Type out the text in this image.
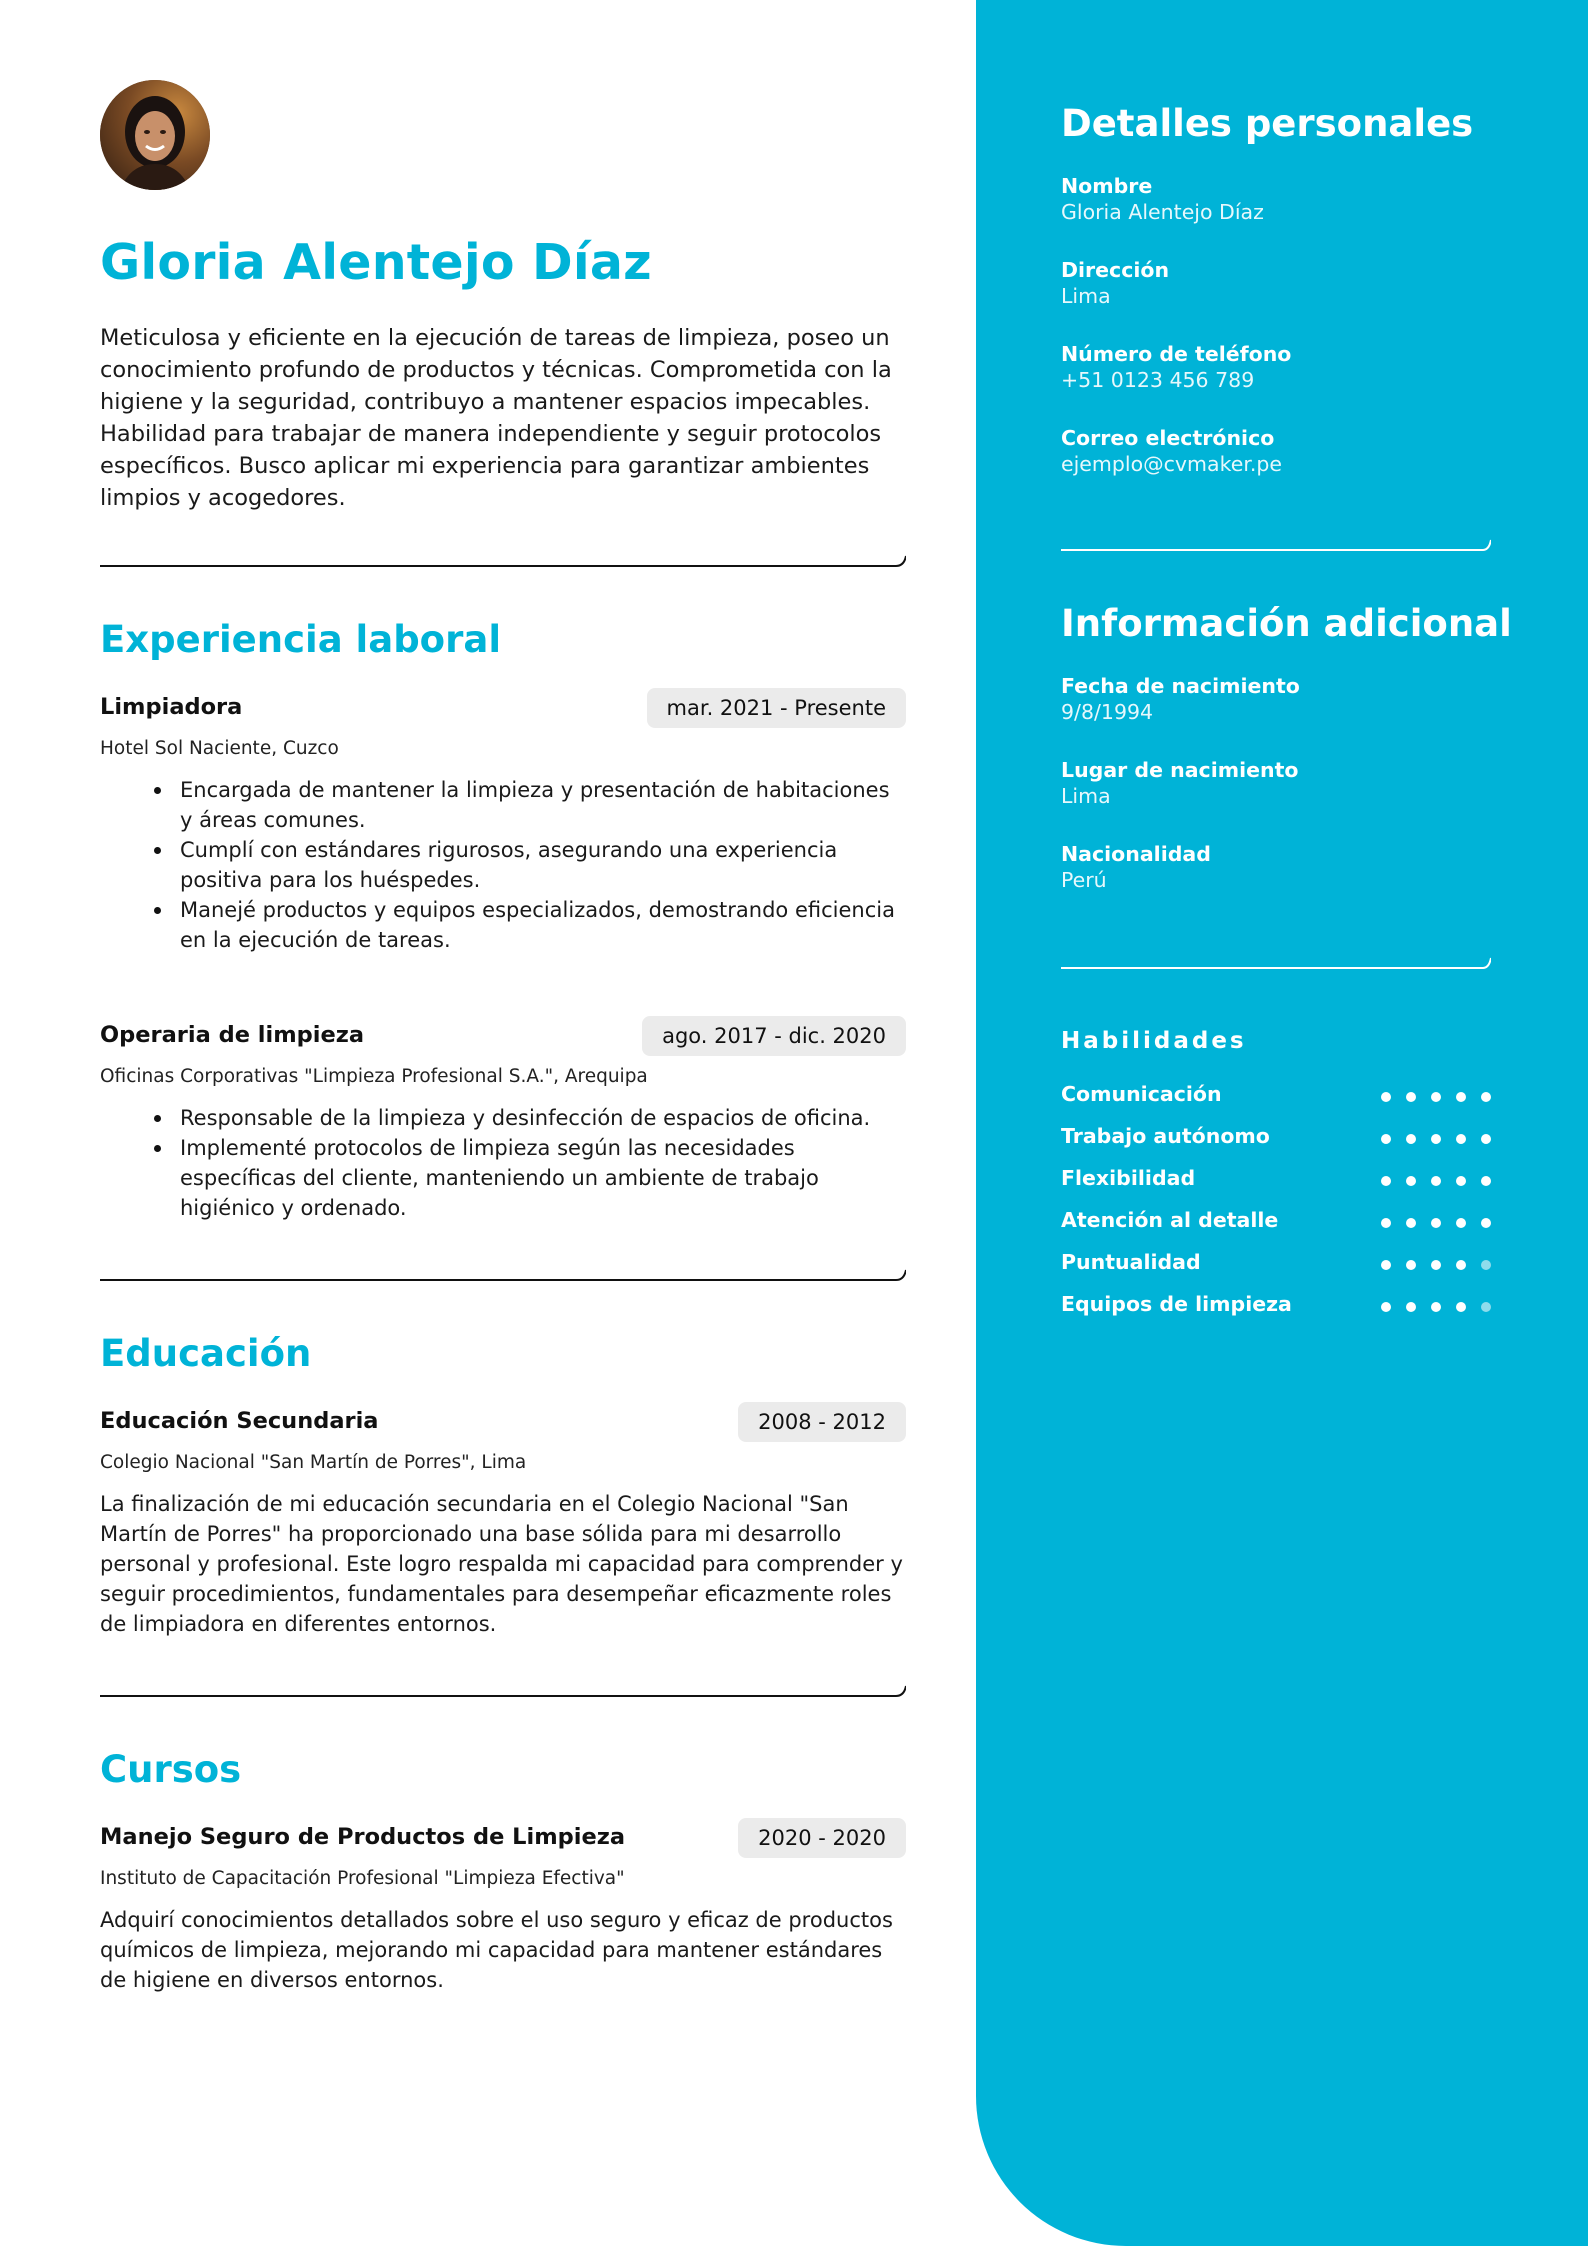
Gloria Alentejo Díaz
Meticulosa y eficiente en la ejecución de tareas de limpieza, poseo un conocimiento profundo de productos y técnicas. Comprometida con la higiene y la seguridad, contribuyo a mantener espacios impecables. Habilidad para trabajar de manera independiente y seguir protocolos específicos. Busco aplicar mi experiencia para garantizar ambientes limpios y acogedores.
Experiencia laboral
Limpiadora	mar. 2021 - Presente
Hotel Sol Naciente, Cuzco
Encargada de mantener la limpieza y presentación de habitaciones y áreas comunes.
Cumplí con estándares rigurosos, asegurando una experiencia positiva para los huéspedes.
Manejé productos y equipos especializados, demostrando eficiencia en la ejecución de tareas.
Operaria de limpieza	ago. 2017 - dic. 2020
Oficinas Corporativas "Limpieza Profesional S.A.", Arequipa
Responsable de la limpieza y desinfección de espacios de oficina.
Implementé protocolos de limpieza según las necesidades específicas del cliente, manteniendo un ambiente de trabajo higiénico y ordenado.
Educación
Educación Secundaria	2008 - 2012
Colegio Nacional "San Martín de Porres", Lima
La finalización de mi educación secundaria en el Colegio Nacional "San Martín de Porres" ha proporcionado una base sólida para mi desarrollo personal y profesional. Este logro respalda mi capacidad para comprender y seguir procedimientos, fundamentales para desempeñar eficazmente roles de limpiadora en diferentes entornos.
Cursos
Manejo Seguro de Productos de Limpieza	2020 - 2020
Instituto de Capacitación Profesional "Limpieza Efectiva"
Adquirí conocimientos detallados sobre el uso seguro y eficaz de productos químicos de limpieza, mejorando mi capacidad para mantener estándares de higiene en diversos entornos.
Detalles personales
Nombre
Gloria Alentejo Díaz
Dirección
Lima
Número de teléfono
+51 0123 456 789
Correo electrónico
ejemplo@cvmaker.pe
Información adicional
Fecha de nacimiento
9/8/1994
Lugar de nacimiento
Lima
Nacionalidad
Perú
Habilidades
Comunicación
Trabajo autónomo
Flexibilidad
Atención al detalle
Puntualidad
Equipos de limpieza
